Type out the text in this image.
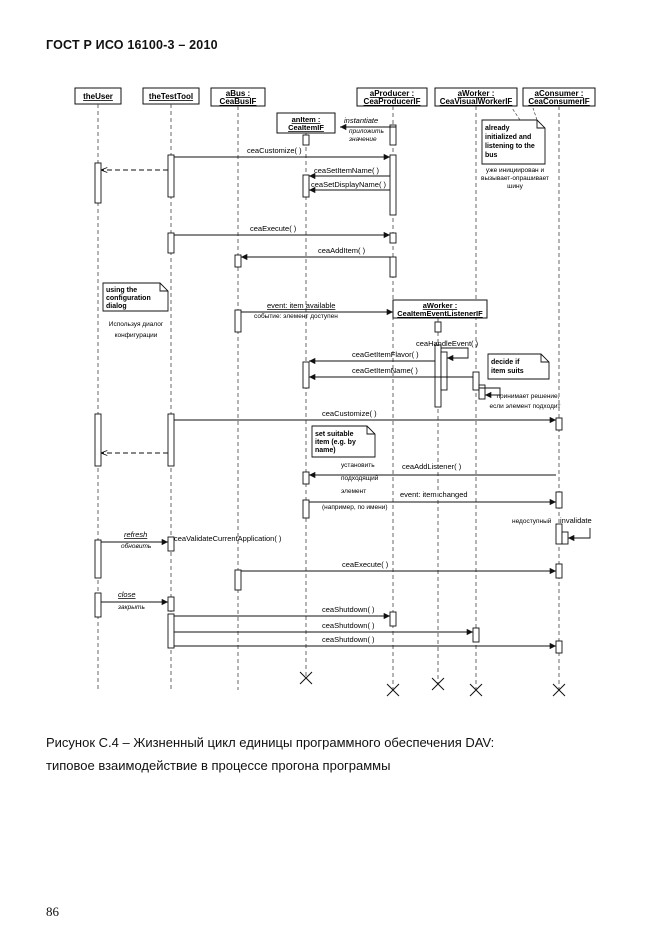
ГОСТ Р ИСО 16100-3 – 2010
theUser	theTestTool	aBus :
CeaBusIF
aProducer :
CeaProducerIF
aWorker :
CeaVisualWorkerIF
aConsumer :
CeaConsumerIF
anItem :
CeaItemIF
aWorker :
CeaItemEventListenerIF
already
initialized and
listening to the
bus
using the
configuration
dialog
decide if
item suits
set suitable
item (e.g. by
name)
уже инициирован и
вызывает-опрашивает
шину
Используя диалог
конфигурации
принимает решение,
если элемент подходит
instantiate
ceaCustomize( )
ceaSetItemName( )
ceaSetDisplayName( )
ceaExecute( )
ceaAddItem( )
event: item available
ceaHandleEvent( )
ceaGetItemFlavor( )
ceaGetItemName( )
ceaCustomize( )
ceaAddListener( )
event: item changed
invalidate
ceaValidateCurrentApplication( )
ceaExecute( )
ceaShutdown( )
ceaShutdown( )
ceaShutdown( )
refresh
close
приложить
значение
событие: элемент доступен
установить
подходящий
элемент
(например, по имени)
недоступный
обновить
закрыть
Рисунок С.4 – Жизненный цикл единицы программного обеспечения DAV:
типовое взаимодействие в процессе прогона программы
86
